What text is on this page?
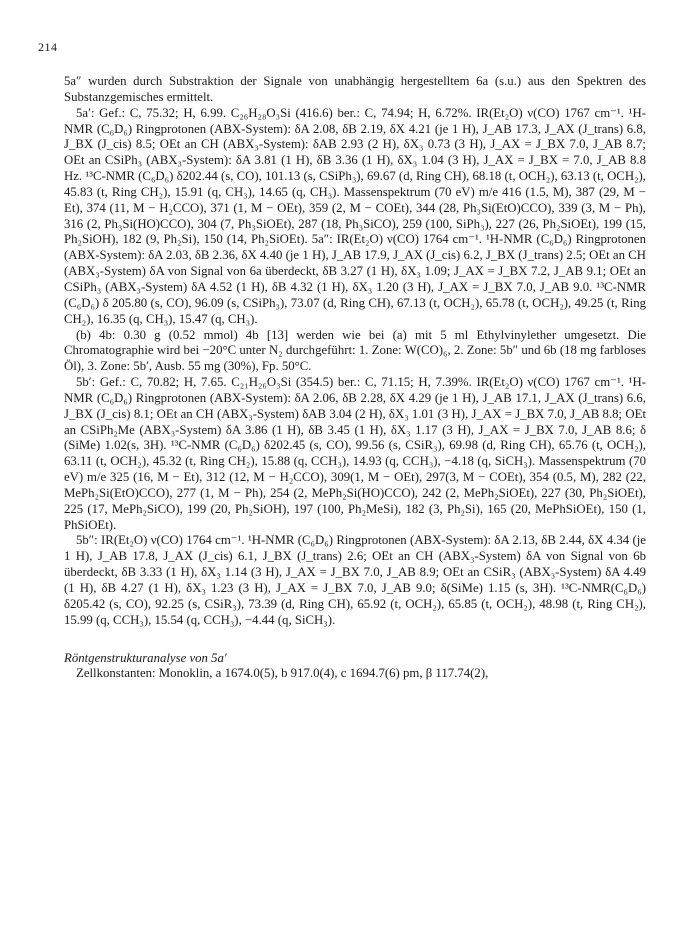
214

5a″ wurden durch Substraktion der Signale von unabhängig hergestelltem 6a (s.u.) aus den Spektren des Substanzgemisches ermittelt.

5a′: Gef.: C, 75.32; H, 6.99. C₂₆H₂₈O₃Si (416.6) ber.: C, 74.94; H, 6.72%. IR(Et₂O) ν(CO) 1767 cm⁻¹. ¹H-NMR (C₆D₆) Ringprotonen (ABX-System): δA 2.08, δB 2.19, δX 4.21 (je 1 H), J_AB 17.3, J_AX (J_trans) 6.8, J_BX (J_cis) 8.5; OEt an CH (ABX₃-System): δAB 2.93 (2 H), δX₃ 0.73 (3 H), J_AX = J_BX 7.0, J_AB 8.7; OEt an CSiPh₃ (ABX₃-System): δA 3.81 (1 H), δB 3.36 (1 H), δX₃ 1.04 (3 H), J_AX = J_BX = 7.0, J_AB 8.8 Hz. ¹³C-NMR (C₆D₆) δ202.44 (s, CO), 101.13 (s, CSiPh₃), 69.67 (d, Ring CH), 68.18 (t, OCH₂), 63.13 (t, OCH₂), 45.83 (t, Ring CH₂), 15.91 (q, CH₃), 14.65 (q, CH₃). Massenspektrum (70 eV) m/e 416 (1.5, M), 387 (29, M − Et), 374 (11, M − H₂CCO), 371 (1, M − OEt), 359 (2, M − COEt), 344 (28, Ph₃Si(EtO)CCO), 339 (3, M − Ph), 316 (2, Ph₃Si(HO)CCO), 304 (7, Ph₃SiOEt), 287 (18, Ph₃SiCO), 259 (100, SiPh₃), 227 (26, Ph₂SiOEt), 199 (15, Ph₂SiOH), 182 (9, Ph₂Si), 150 (14, Ph₂SiOEt). 5a″: IR(Et₂O) ν(CO) 1764 cm⁻¹. ¹H-NMR (C₆D₆) Ringprotonen (ABX-System): δA 2.03, δB 2.36, δX 4.40 (je 1 H), J_AB 17.9, J_AX (J_cis) 6.2, J_BX (J_trans) 2.5; OEt an CH (ABX₃-System) δA von Signal von 6a überdeckt, δB 3.27 (1 H), δX₃ 1.09; J_AX = J_BX 7.2, J_AB 9.1; OEt an CSiPh₃ (ABX₃-System) δA 4.52 (1 H), δB 4.32 (1 H), δX₃ 1.20 (3 H), J_AX = J_BX 7.0, J_AB 9.0. ¹³C-NMR (C₆D₆) δ 205.80 (s, CO), 96.09 (s, CSiPh₃), 73.07 (d, Ring CH), 67.13 (t, OCH₂), 65.78 (t, OCH₂), 49.25 (t, Ring CH₂), 16.35 (q, CH₃), 15.47 (q, CH₃).

(b) 4b: 0.30 g (0.52 mmol) 4b [13] werden wie bei (a) mit 5 ml Ethylvinylether umgesetzt. Die Chromatographie wird bei −20°C unter N₂ durchgeführt: 1. Zone: W(CO)₆, 2. Zone: 5b″ und 6b (18 mg farbloses Öl), 3. Zone: 5b′, Ausb. 55 mg (30%), Fp. 50°C.

5b′: Gef.: C, 70.82; H, 7.65. C₂₁H₂₆O₃Si (354.5) ber.: C, 71.15; H, 7.39%. IR(Et₂O) ν(CO) 1767 cm⁻¹. ¹H-NMR (C₆D₆) Ringprotonen (ABX-System): δA 2.06, δB 2.28, δX 4.29 (je 1 H), J_AB 17.1, J_AX (J_trans) 6.6, J_BX (J_cis) 8.1; OEt an CH (ABX₃-System) δAB 3.04 (2 H), δX₃ 1.01 (3 H), J_AX = J_BX 7.0, J_AB 8.8; OEt an CSiPh₂Me (ABX₃-System) δA 3.86 (1 H), δB 3.45 (1 H), δX₃ 1.17 (3 H), J_AX = J_BX 7.0, J_AB 8.6; δ (SiMe) 1.02(s, 3H). ¹³C-NMR (C₆D₆) δ202.45 (s, CO), 99.56 (s, CSiR₃), 69.98 (d, Ring CH), 65.76 (t, OCH₂), 63.11 (t, OCH₂), 45.32 (t, Ring CH₂), 15.88 (q, CCH₃), 14.93 (q, CCH₃), −4.18 (q, SiCH₃). Massenspektrum (70 eV) m/e 325 (16, M − Et), 312 (12, M − H₂CCO), 309(1, M − OEt), 297(3, M − COEt), 354 (0.5, M), 282 (22, MePh₂Si(EtO)CCO), 277 (1, M − Ph), 254 (2, MePh₂Si(HO)CCO), 242 (2, MePh₂SiOEt), 227 (30, Ph₂SiOEt), 225 (17, MePh₂SiCO), 199 (20, Ph₂SiOH), 197 (100, Ph₂MeSi), 182 (3, Ph₂Si), 165 (20, MePhSiOEt), 150 (1, PhSiOEt).

5b″: IR(Et₂O) ν(CO) 1764 cm⁻¹. ¹H-NMR (C₆D₆) Ringprotonen (ABX-System): δA 2.13, δB 2.44, δX 4.34 (je 1 H), J_AB 17.8, J_AX (J_cis) 6.1, J_BX (J_trans) 2.6; OEt an CH (ABX₃-System) δA von Signal von 6b überdeckt, δB 3.33 (1 H), δX₃ 1.14 (3 H), J_AX = J_BX 7.0, J_AB 8.9; OEt an CSiR₃ (ABX₃-System) δA 4.49 (1 H), δB 4.27 (1 H), δX₃ 1.23 (3 H), J_AX = J_BX 7.0, J_AB 9.0; δ(SiMe) 1.15 (s, 3H). ¹³C-NMR(C₆D₆) δ205.42 (s, CO), 92.25 (s, CSiR₃), 73.39 (d, Ring CH), 65.92 (t, OCH₂), 65.85 (t, OCH₂), 48.98 (t, Ring CH₂), 15.99 (q, CCH₃), 15.54 (q, CCH₃), −4.44 (q, SiCH₃).

Röntgenstrukturanalyse von 5a′

Zellkonstanten: Monoklin, a 1674.0(5), b 917.0(4), c 1694.7(6) pm, β 117.74(2),
